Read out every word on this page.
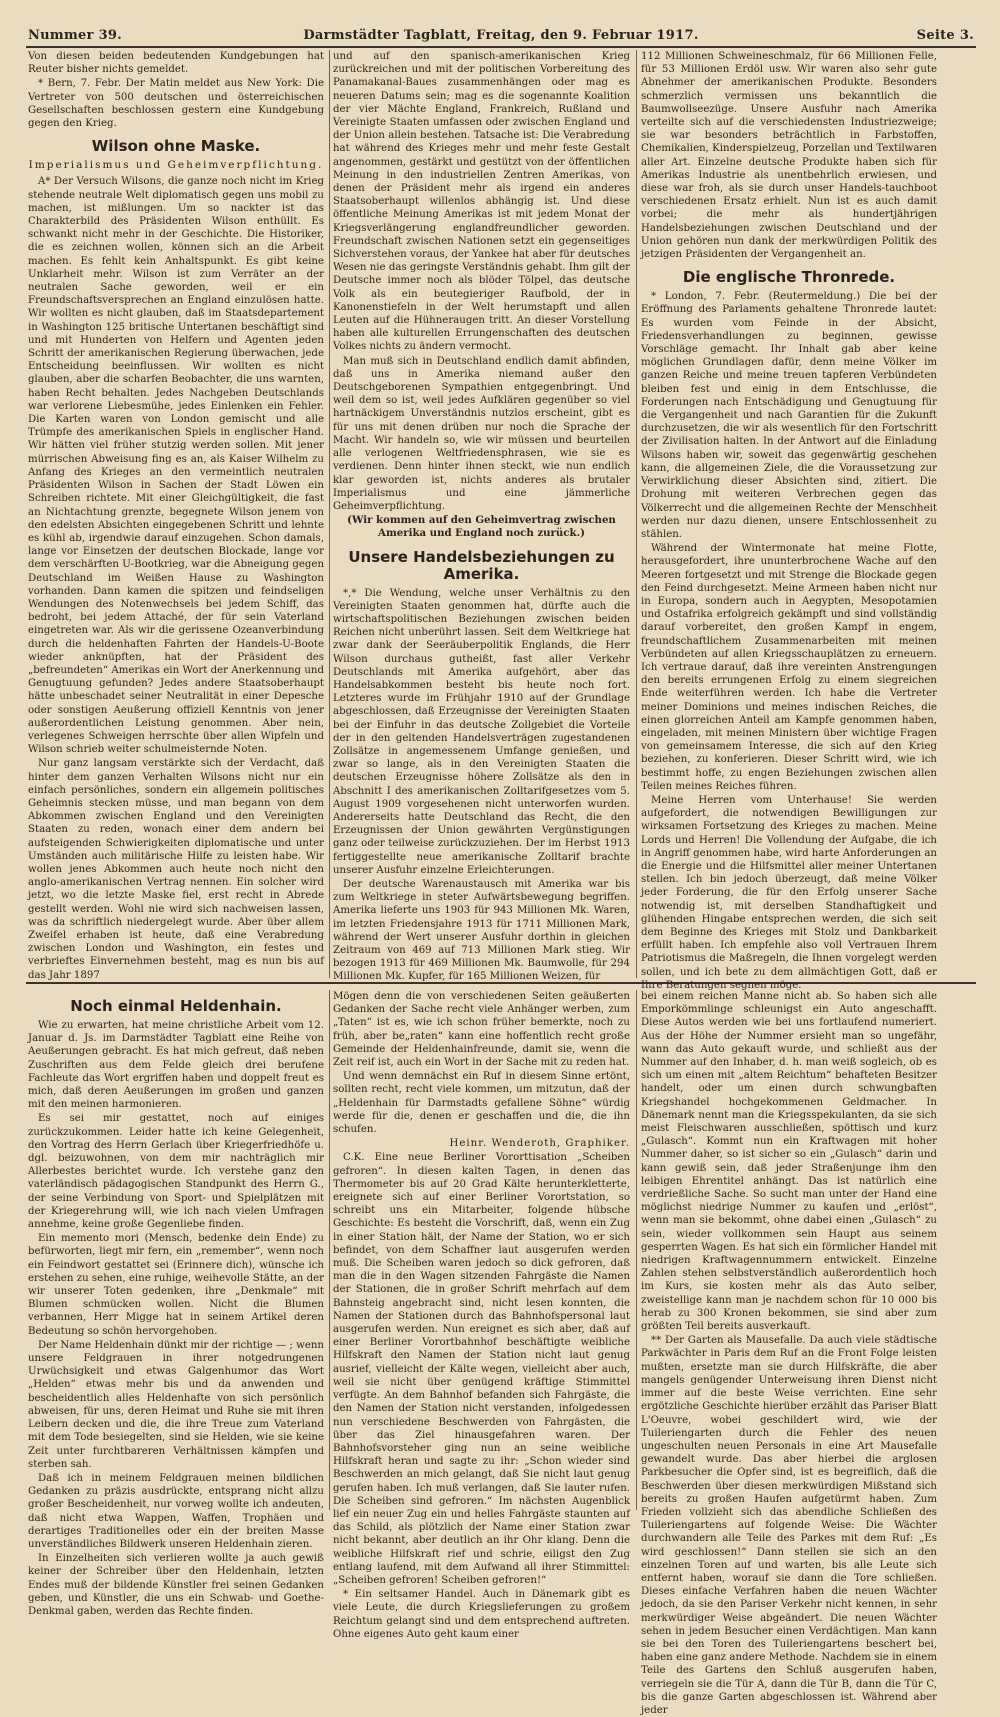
Nummer 39.	Darmstädter Tagblatt, Freitag, den 9. Februar 1917.	Seite 3.

Von diesen beiden bedeutenden Kundgebungen hat Reuter bisher nichts gemeldet.

* Bern, 7. Febr. Der Matin meldet aus New York: Die Vertreter von 500 deutschen und österreichischen Gesellschaften beschlossen gestern eine Kundgebung gegen den Krieg.

Wilson ohne Maske.
Imperialismus und Geheimverpflichtung.

A* Der Versuch Wilsons, die ganze noch nicht im Krieg stehende neutrale Welt diplomatisch gegen uns mobil zu machen, ist mißlungen. Um so nackter ist das Charakterbild des Präsidenten Wilson enthüllt. Es schwankt nicht mehr in der Geschichte. Die Historiker, die es zeichnen wollen, können sich an die Arbeit machen. Es fehlt kein Anhaltspunkt. Es gibt keine Unklarheit mehr. Wilson ist zum Verräter an der neutralen Sache geworden, weil er ein Freundschaftsversprechen an England einzulösen hatte. Wir wollten es nicht glauben, daß im Staatsdepartement in Washington 125 britische Untertanen beschäftigt sind und mit Hunderten von Helfern und Agenten jeden Schritt der amerikanischen Regierung überwachen, jede Entscheidung beeinflussen. Wir wollten es nicht glauben, aber die scharfen Beobachter, die uns warnten, haben Recht behalten. Jedes Nachgeben Deutschlands war verlorene Liebesmühe, jedes Einlenken ein Fehler. Die Karten waren von London gemischt und alle Trümpfe des amerikanischen Spiels in englischer Hand. Wir hätten viel früher stutzig werden sollen. Mit jener mürrischen Abweisung fing es an, als Kaiser Wilhelm zu Anfang des Krieges an den vermeintlich neutralen Präsidenten Wilson in Sachen der Stadt Löwen ein Schreiben richtete. Mit einer Gleichgültigkeit, die fast an Nichtachtung grenzte, begegnete Wilson jenem von den edelsten Absichten eingegebenen Schritt und lehnte es kühl ab, irgendwie darauf einzugehen. Schon damals, lange vor Einsetzen der deutschen Blockade, lange vor dem verschärften U-Bootkrieg, war die Abneigung gegen Deutschland im Weißen Hause zu Washington vorhanden. Dann kamen die spitzen und feindseligen Wendungen des Notenwechsels bei jedem Schiff, das bedroht, bei jedem Attaché, der für sein Vaterland eingetreten war. Als wir die gerissene Ozeanverbindung durch die heldenhaften Fahrten der Handels-U-Boote wieder anknüpften, hat der Präsident des „befreundeten“ Amerikas ein Wort der Anerkennung und Genugtuung gefunden? Jedes andere Staatsoberhaupt hätte unbeschadet seiner Neutralität in einer Depesche oder sonstigen Aeußerung offiziell Kenntnis von jener außerordentlichen Leistung genommen. Aber nein, verlegenes Schweigen herrschte über allen Wipfeln und Wilson schrieb weiter schulmeisternde Noten.

Nur ganz langsam verstärkte sich der Verdacht, daß hinter dem ganzen Verhalten Wilsons nicht nur ein einfach persönliches, sondern ein allgemein politisches Geheimnis stecken müsse, und man begann von dem Abkommen zwischen England und den Vereinigten Staaten zu reden, wonach einer dem andern bei aufsteigenden Schwierigkeiten diplomatische und unter Umständen auch militärische Hilfe zu leisten habe. Wir wollen jenes Abkommen auch heute noch nicht den anglo-amerikanischen Vertrag nennen. Ein solcher wird jetzt, wo die letzte Maske fiel, erst recht in Abrede gestellt werden. Wohl nie wird sich nachweisen lassen, was da schriftlich niedergelegt wurde. Aber über allem Zweifel erhaben ist heute, daß eine Verabredung zwischen London und Washington, ein festes und verbrieftes Einvernehmen besteht, mag es nun bis auf das Jahr 1897

und auf den spanisch-amerikanischen Krieg zurückreichen und mit der politischen Vorbereitung des Panamakanal-Baues zusammenhängen oder mag es neueren Datums sein; mag es die sogenannte Koalition der vier Mächte England, Frankreich, Rußland und Vereinigte Staaten umfassen oder zwischen England und der Union allein bestehen. Tatsache ist: Die Verabredung hat während des Krieges mehr und mehr feste Gestalt angenommen, gestärkt und gestützt von der öffentlichen Meinung in den industriellen Zentren Amerikas, von denen der Präsident mehr als irgend ein anderes Staatsoberhaupt willenlos abhängig ist. Und diese öffentliche Meinung Amerikas ist mit jedem Monat der Kriegsverlängerung englandfreundlicher geworden. Freundschaft zwischen Nationen setzt ein gegenseitiges Sichverstehen voraus, der Yankee hat aber für deutsches Wesen nie das geringste Verständnis gehabt. Ihm gilt der Deutsche immer noch als blöder Tölpel, das deutsche Volk als ein beutegieriger Raufbold, der in Kanonenstiefeln in der Welt herumstapft und allen Leuten auf die Hühneraugen tritt. An dieser Vorstellung haben alle kulturellen Errungenschaften des deutschen Volkes nichts zu ändern vermocht.

Man muß sich in Deutschland endlich damit abfinden, daß uns in Amerika niemand außer den Deutschgeborenen Sympathien entgegenbringt. Und weil dem so ist, weil jedes Aufklären gegenüber so viel hartnäckigem Unverständnis nutzlos erscheint, gibt es für uns mit denen drüben nur noch die Sprache der Macht. Wir handeln so, wie wir müssen und beurteilen alle verlogenen Weltfriedensphrasen, wie sie es verdienen. Denn hinter ihnen steckt, wie nun endlich klar geworden ist, nichts anderes als brutaler Imperialismus und eine jämmerliche Geheimverpflichtung.

(Wir kommen auf den Geheimvertrag zwischen Amerika und England noch zurück.)

Unsere Handelsbeziehungen zu Amerika.

*,* Die Wendung, welche unser Verhältnis zu den Vereinigten Staaten genommen hat, dürfte auch die wirtschaftspolitischen Beziehungen zwischen beiden Reichen nicht unberührt lassen. Seit dem Weltkriege hat zwar dank der Seeräuberpolitik Englands, die Herr Wilson durchaus gutheißt, fast aller Verkehr Deutschlands mit Amerika aufgehört, aber das Handelsabkommen besteht bis heute noch fort. Letzteres wurde im Frühjahr 1910 auf der Grundlage abgeschlossen, daß Erzeugnisse der Vereinigten Staaten bei der Einfuhr in das deutsche Zollgebiet die Vorteile der in den geltenden Handelsverträgen zugestandenen Zollsätze in angemessenem Umfange genießen, und zwar so lange, als in den Vereinigten Staaten die deutschen Erzeugnisse höhere Zollsätze als den in Abschnitt I des amerikanischen Zolltarifgesetzes vom 5. August 1909 vorgesehenen nicht unterworfen wurden. Andererseits hatte Deutschland das Recht, die den Erzeugnissen der Union gewährten Vergünstigungen ganz oder teilweise zurückzuziehen. Der im Herbst 1913 fertiggestellte neue amerikanische Zolltarif brachte unserer Ausfuhr einzelne Erleichterungen.

Der deutsche Warenaustausch mit Amerika war bis zum Weltkriege in steter Aufwärtsbewegung begriffen. Amerika lieferte uns 1903 für 943 Millionen Mk. Waren, im letzten Friedensjahre 1913 für 1711 Millionen Mark, während der Wert unserer Ausfuhr dorthin in gleichen Zeitraum von 469 auf 713 Millionen Mark stieg. Wir bezogen 1913 für 469 Millionen Mk. Baumwolle, für 294 Millionen Mk. Kupfer, für 165 Millionen Weizen, für

112 Millionen Schweineschmalz, für 66 Millionen Felle, für 53 Millionen Erdöl usw. Wir waren also sehr gute Abnehmer der amerikanischen Produkte. Besonders schmerzlich vermissen uns bekanntlich die Baumwollseezüge. Unsere Ausfuhr nach Amerika verteilte sich auf die verschiedensten Industriezweige; sie war besonders beträchtlich in Farbstoffen, Chemikalien, Kinderspielzeug, Porzellan und Textilwaren aller Art. Einzelne deutsche Produkte haben sich für Amerikas Industrie als unentbehrlich erwiesen, und diese war froh, als sie durch unser Handels-tauchboot verschiedenen Ersatz erhielt. Nun ist es auch damit vorbei; die mehr als hundertjährigen Handelsbeziehungen zwischen Deutschland und der Union gehören nun dank der merkwürdigen Politik des jetzigen Präsidenten der Vergangenheit an.

Die englische Thronrede.

* London, 7. Febr. (Reutermeldung.) Die bei der Eröffnung des Parlaments gehaltene Thronrede lautet: Es wurden vom Feinde in der Absicht, Friedensverhandlungen zu beginnen, gewisse Vorschläge gemacht. Ihr Inhalt gab aber keine möglichen Grundlagen dafür, denn meine Völker im ganzen Reiche und meine treuen tapferen Verbündeten bleiben fest und einig in dem Entschlusse, die Forderungen nach Entschädigung und Genugtuung für die Vergangenheit und nach Garantien für die Zukunft durchzusetzen, die wir als wesentlich für den Fortschritt der Zivilisation halten. In der Antwort auf die Einladung Wilsons haben wir, soweit das gegenwärtig geschehen kann, die allgemeinen Ziele, die die Voraussetzung zur Verwirklichung dieser Absichten sind, zitiert. Die Drohung mit weiteren Verbrechen gegen das Völkerrecht und die allgemeinen Rechte der Menschheit werden nur dazu dienen, unsere Entschlossenheit zu stählen.

Während der Wintermonate hat meine Flotte, herausgefordert, ihre ununterbrochene Wache auf den Meeren fortgesetzt und mit Strenge die Blockade gegen den Feind durchgesetzt. Meine Armeen haben nicht nur in Europa, sondern auch in Aegypten, Mesopotamien und Ostafrika erfolgreich gekämpft und sind vollständig darauf vorbereitet, den großen Kampf in engem, freundschaftlichem Zusammenarbeiten mit meinen Verbündeten auf allen Kriegsschauplätzen zu erneuern. Ich vertraue darauf, daß ihre vereinten Anstrengungen den bereits errungenen Erfolg zu einem siegreichen Ende weiterführen werden. Ich habe die Vertreter meiner Dominions und meines indischen Reiches, die einen glorreichen Anteil am Kampfe genommen haben, eingeladen, mit meinen Ministern über wichtige Fragen von gemeinsamem Interesse, die sich auf den Krieg beziehen, zu konferieren. Dieser Schritt wird, wie ich bestimmt hoffe, zu engen Beziehungen zwischen allen Teilen meines Reiches führen.

Meine Herren vom Unterhause! Sie werden aufgefordert, die notwendigen Bewilligungen zur wirksamen Fortsetzung des Krieges zu machen. Meine Lords und Herren! Die Vollendung der Aufgabe, die ich in Angriff genommen habe, wird harte Anforderungen an die Energie und die Hilfsmittel aller meiner Untertanen stellen. Ich bin jedoch überzeugt, daß meine Völker jeder Forderung, die für den Erfolg unserer Sache notwendig ist, mit derselben Standhaftigkeit und glühenden Hingabe entsprechen werden, die sich seit dem Beginne des Krieges mit Stolz und Dankbarkeit erfüllt haben. Ich empfehle also voll Vertrauen Ihrem Patriotismus die Maßregeln, die Ihnen vorgelegt werden sollen, und ich bete zu dem allmächtigen Gott, daß er Ihre Beratungen segnen möge.

Noch einmal Heldenhain.

Wie zu erwarten, hat meine christliche Arbeit vom 12. Januar d. Js. im Darmstädter Tagblatt eine Reihe von Aeußerungen gebracht. Es hat mich gefreut, daß neben Zuschriften aus dem Felde gleich drei berufene Fachleute das Wort ergriffen haben und doppelt freut es mich, daß deren Aeußerungen im großen und ganzen mit den meinen harmonieren.

Es sei mir gestattet, noch auf einiges zurückzukommen. Leider hatte ich keine Gelegenheit, den Vortrag des Herrn Gerlach über Kriegerfriedhöfe u. dgl. beizuwohnen, von dem mir nachträglich mir Allerbestes berichtet wurde. Ich verstehe ganz den vaterländisch pädagogischen Standpunkt des Herrn G., der seine Verbindung von Sport- und Spielplätzen mit der Kriegerehrung will, wie ich nach vielen Umfragen annehme, keine große Gegenliebe finden.

Ein memento mori (Mensch, bedenke dein Ende) zu befürworten, liegt mir fern, ein „remember“, wenn noch ein Feindwort gestattet sei (Erinnere dich), wünsche ich erstehen zu sehen, eine ruhige, weihevolle Stätte, an der wir unserer Toten gedenken, ihre „Denkmale“ mit Blumen schmücken wollen. Nicht die Blumen verbannen, Herr Migge hat in seinem Artikel deren Bedeutung so schön hervorgehoben.

Der Name Heldenhain dünkt mir der richtige — ; wenn unsere Feldgrauen in ihrer notgedrungenen Urwüchsigkeit und etwas Galgenhumor das Wort „Helden“ etwas mehr bis und da anwenden und bescheidentlich alles Heldenhafte von sich persönlich abweisen, für uns, deren Heimat und Ruhe sie mit ihren Leibern decken und die, die ihre Treue zum Vaterland mit dem Tode besiegelten, sind sie Helden, wie sie keine Zeit unter furchtbareren Verhältnissen kämpfen und sterben sah.

Daß ich in meinem Feldgrauen meinen bildlichen Gedanken zu präzis ausdrückte, entsprang nicht allzu großer Bescheidenheit, nur vorweg wollte ich andeuten, daß nicht etwa Wappen, Waffen, Trophäen und derartiges Traditionelles oder ein der breiten Masse unverständliches Bildwerk unseren Heldenhain zieren.

In Einzelheiten sich verlieren wollte ja auch gewiß keiner der Schreiber über den Heldenhain, letzten Endes muß der bildende Künstler frei seinen Gedanken geben, und Künstler, die uns ein Schwab- und Goethe-Denkmal gaben, werden das Rechte finden.

Mögen denn die von verschiedenen Seiten geäußerten Gedanken der Sache recht viele Anhänger werben, zum „Taten“ ist es, wie ich schon früher bemerkte, noch zu früh, aber be„raten“ kann eine hoffentlich recht große Gemeinde der Heldenhainfreunde, damit sie, wenn die Zeit reif ist, auch ein Wort in der Sache mit zu reden hat.

Und wenn demnächst ein Ruf in diesem Sinne ertönt, sollten recht, recht viele kommen, um mitzutun, daß der „Heldenhain für Darmstadts gefallene Söhne“ würdig werde für die, denen er geschaffen und die, die ihn schufen.

Heinr. Wenderoth, Graphiker.

C.K. Eine neue Berliner Vororttisation „Scheiben gefroren“. In diesen kalten Tagen, in denen das Thermometer bis auf 20 Grad Kälte herunterkletterte, ereignete sich auf einer Berliner Vorortstation, so schreibt uns ein Mitarbeiter, folgende hübsche Geschichte: Es besteht die Vorschrift, daß, wenn ein Zug in einer Station hält, der Name der Station, wo er sich befindet, von dem Schaffner laut ausgerufen werden muß. Die Scheiben waren jedoch so dick gefroren, daß man die in den Wagen sitzenden Fahrgäste die Namen der Stationen, die in großer Schrift mehrfach auf dem Bahnsteig angebracht sind, nicht lesen konnten, die Namen der Stationen durch das Bahnhofspersonal laut ausgerufen werden. Nun ereignet es sich aber, daß auf einer Berliner Vorortbahnhof beschäftigte weibliche Hilfskraft den Namen der Station nicht laut genug ausrief, vielleicht der Kälte wegen, vielleicht aber auch, weil sie nicht über genügend kräftige Stimmittel verfügte. An dem Bahnhof befanden sich Fahrgäste, die den Namen der Station nicht verstanden, infolgedessen nun verschiedene Beschwerden von Fahrgästen, die über das Ziel hinausgefahren waren. Der Bahnhofsvorsteher ging nun an seine weibliche Hilfskraft heran und sagte zu ihr: „Schon wieder sind Beschwerden an mich gelangt, daß Sie nicht laut genug gerufen haben. Ich muß verlangen, daß Sie lauter rufen. Die Scheiben sind gefroren.“ Im nächsten Augenblick lief ein neuer Zug ein und helles Fahrgäste staunten auf das Schild, als plötzlich der Name einer Station zwar nicht bekannt, aber deutlich an ihr Ohr klang. Denn die weibliche Hilfskraft rief und schrie, eiligst den Zug entlang laufend, mit dem Aufwand all ihrer Stimmittel: „Scheiben gefroren! Scheiben gefroren!“

* Ein seltsamer Handel. Auch in Dänemark gibt es viele Leute, die durch Kriegslieferungen zu großem Reichtum gelangt sind und dem entsprechend auftreten. Ohne eigenes Auto geht kaum einer

bei einem reichen Manne nicht ab. So haben sich alle Emporkömmlinge schleunigst ein Auto angeschafft. Diese Autos werden wie bei uns fortlaufend numeriert. Aus der Höhe der Nummer ersieht man so ungefähr, wann das Auto gekauft wurde, und schließt aus der Nummer auf den Inhaber, d. h. man weiß sogleich, ob es sich um einen mit „altem Reichtum“ behafteten Besitzer handelt, oder um einen durch schwungbaften Kriegshandel hochgekommenen Geldmacher. In Dänemark nennt man die Kriegsspekulanten, da sie sich meist Fleischwaren ausschließen, spöttisch und kurz „Gulasch“. Kommt nun ein Kraftwagen mit hoher Nummer daher, so ist sicher so ein „Gulasch“ darin und kann gewiß sein, daß jeder Straßenjunge ihm den leibigen Ehrentitel anhängt. Das ist natürlich eine verdrießliche Sache. So sucht man unter der Hand eine möglichst niedrige Nummer zu kaufen und „erlöst“, wenn man sie bekommt, ohne dabei einen „Gulasch“ zu sein, wieder vollkommen sein Haupt aus seinem gesperrten Wagen. Es hat sich ein förmlicher Handel mit niedrigen Kraftwagennummern entwickelt. Einzelne Zahlen stehen selbstverständlich außerordentlich hoch im Kurs, sie kosten mehr als das Auto selber, zweistellige kann man je nachdem schon für 10 000 bis herab zu 300 Kronen bekommen, sie sind aber zum größten Teil bereits ausverkauft.

** Der Garten als Mausefalle. Da auch viele städtische Parkwächter in Paris dem Ruf an die Front Folge leisten mußten, ersetzte man sie durch Hilfskräfte, die aber mangels genügender Unterweisung ihren Dienst nicht immer auf die beste Weise verrichten. Eine sehr ergötzliche Geschichte hierüber erzählt das Pariser Blatt L'Oeuvre, wobei geschildert wird, wie der Tuileriengarten durch die Fehler des neuen ungeschulten neuen Personals in eine Art Mausefalle gewandelt wurde. Das aber hierbei die arglosen Parkbesucher die Opfer sind, ist es begreiflich, daß die Beschwerden über diesen merkwürdigen Mißstand sich bereits zu großen Haufen aufgetürmt haben. Zum Frieden vollzieht sich das abendliche Schließen des Tuileriengartens auf folgende Weise: Die Wächter durchwandern alle Teile des Parkes mit dem Ruf: „Es wird geschlossen!“ Dann stellen sie sich an den einzelnen Toren auf und warten, bis alle Leute sich entfernt haben, worauf sie dann die Tore schließen. Dieses einfache Verfahren haben die neuen Wächter jedoch, da sie den Pariser Verkehr nicht kennen, in sehr merkwürdiger Weise abgeändert. Die neuen Wächter sehen in jedem Besucher einen Verdächtigen. Man kann sie bei den Toren des Tuileriengartens beschert bei, haben eine ganz andere Methode. Nachdem sie in einem Teile des Gartens den Schluß ausgerufen haben, verriegeln sie die Tür A, dann die Tür B, dann die Tür C, bis die ganze Garten abgeschlossen ist. Während aber jeder
